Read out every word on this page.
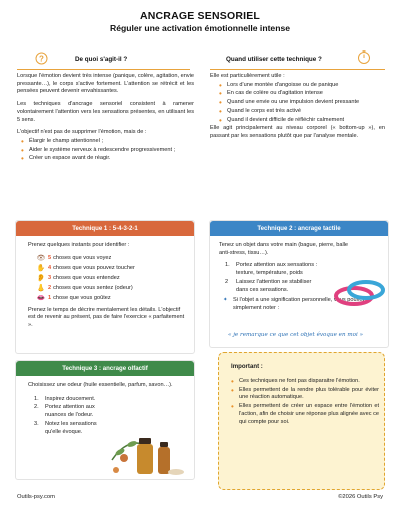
ANCRAGE SENSORIEL
Réguler une activation émotionnelle intense
?	De quoi s'agit-il ?

Lorsque l'émotion devient très intense (panique, colère, agitation, envie pressante…), le corps s'active fortement. L'attention se rétrécit et les pensées peuvent devenir envahissantes.

Les techniques d'ancrage sensoriel consistent à ramener volontairement l'attention vers les sensations présentes, en utilisant les 5 sens.

L'objectif n'est pas de supprimer l'émotion, mais de :

• Élargir le champ attentionnel ;
• Aider le système nerveux à redescendre progressivement ;
• Créer un espace avant de réagir.
Quand utiliser cette technique ?

Elle est particulièrement utile :

• Lors d'une montée d'angoisse ou de panique
• En cas de colère ou d'agitation intense
• Quand une envie ou une impulsion devient pressante
• Quand le corps est très activé
• Quand il devient difficile de réfléchir calmement

Elle agit principalement au niveau corporel (« bottom-up »), en passant par les sensations plutôt que par l'analyse mentale.

Technique 1 : 5-4-3-2-1

Prenez quelques instants pour identifier :

👁 5 choses que vous voyez
✋ 4 choses que vous pouvez toucher
👂 3 choses que vous entendez
👃 2 choses que vous sentez (odeur)
👄 1 chose que vous goûtez

Prenez le temps de décrire mentalement les détails. L'objectif est de revenir au présent, pas de faire l'exercice « parfaitement ».

Technique 2 : ancrage tactile

Tenez un objet dans votre main (bague, pierre, balle anti-stress, tissu…).

1. Portez attention aux sensations : texture, température, poids
2 Laissez l'attention se stabiliser dans ces sensations.
✦ Si l'objet a une signification personnelle, vous pouvez simplement noter :
« je remarque ce que cet objet évoque en moi »
Technique 3 : ancrage olfactif

Choisissez une odeur (huile essentielle, parfum, savon…).

1. Inspirez doucement.
2. Portez attention aux nuances de l'odeur.
3. Notez les sensations qu'elle évoque.
Important :
• Ces techniques ne font pas disparaitre l'émotion.
• Elles permettent de la rendre plus tolérable pour éviter une réaction automatique.
• Elles permettent de créer un espace entre l'émotion et l'action, afin de choisir une réponse plus alignée avec ce qui compte pour soi.
Outils-psy.com	©2026 Outils Psy
